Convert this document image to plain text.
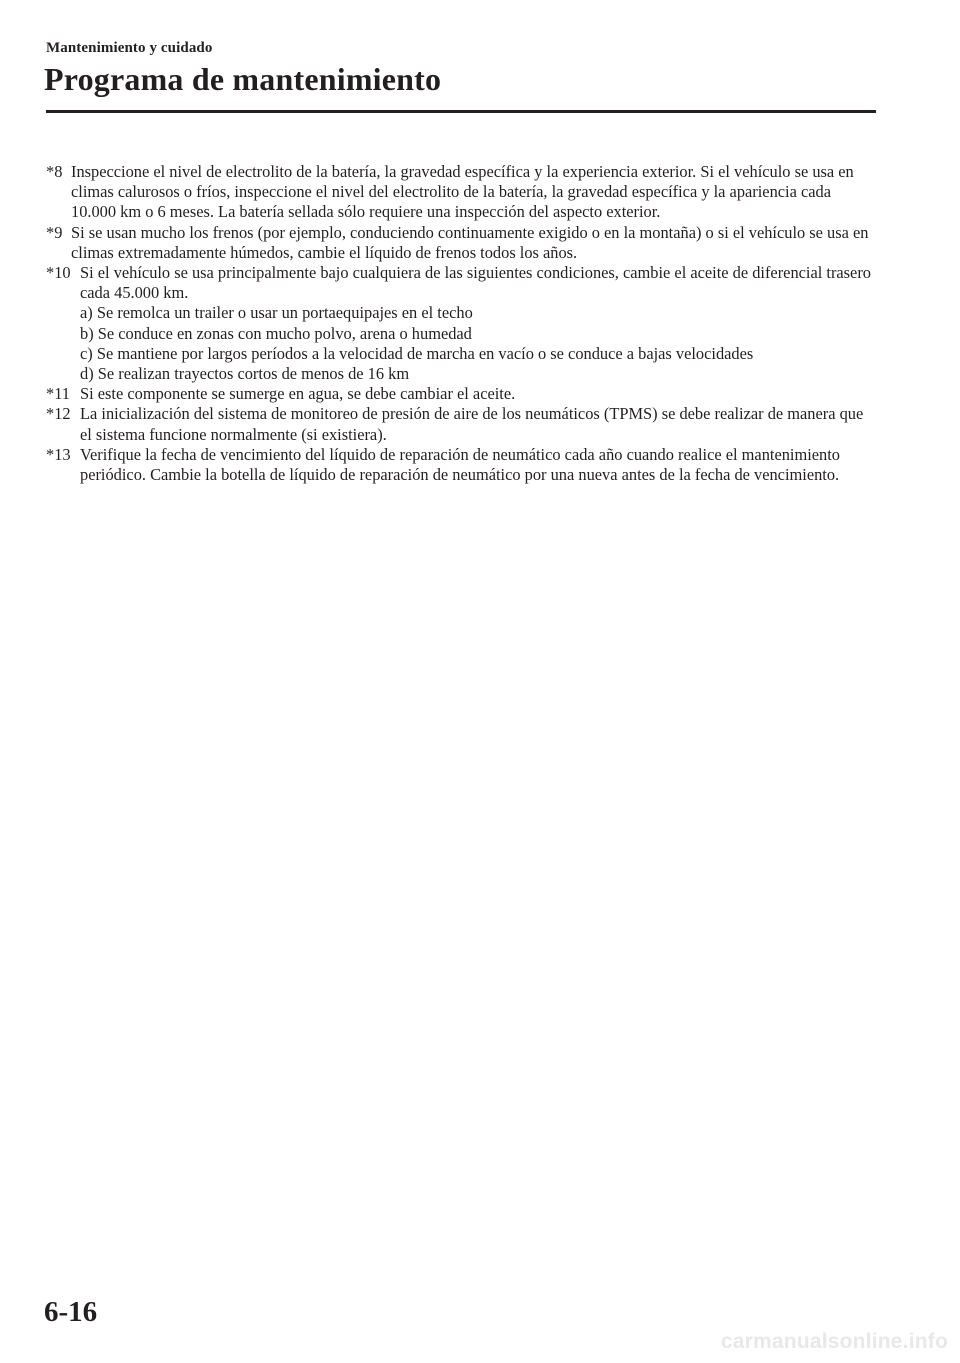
Mantenimiento y cuidado
Programa de mantenimiento
*8 Inspeccione el nivel de electrolito de la batería, la gravedad específica y la experiencia exterior. Si el vehículo se usa en climas calurosos o fríos, inspeccione el nivel del electrolito de la batería, la gravedad específica y la apariencia cada 10.000 km o 6 meses. La batería sellada sólo requiere una inspección del aspecto exterior.
*9 Si se usan mucho los frenos (por ejemplo, conduciendo continuamente exigido o en la montaña) o si el vehículo se usa en climas extremadamente húmedos, cambie el líquido de frenos todos los años.
*10 Si el vehículo se usa principalmente bajo cualquiera de las siguientes condiciones, cambie el aceite de diferencial trasero cada 45.000 km.
a) Se remolca un trailer o usar un portaequipajes en el techo
b) Se conduce en zonas con mucho polvo, arena o humedad
c) Se mantiene por largos períodos a la velocidad de marcha en vacío o se conduce a bajas velocidades
d) Se realizan trayectos cortos de menos de 16 km
*11 Si este componente se sumerge en agua, se debe cambiar el aceite.
*12 La inicialización del sistema de monitoreo de presión de aire de los neumáticos (TPMS) se debe realizar de manera que el sistema funcione normalmente (si existiera).
*13 Verifique la fecha de vencimiento del líquido de reparación de neumático cada año cuando realice el mantenimiento periódico. Cambie la botella de líquido de reparación de neumático por una nueva antes de la fecha de vencimiento.
6-16
carmanualsonline.info
